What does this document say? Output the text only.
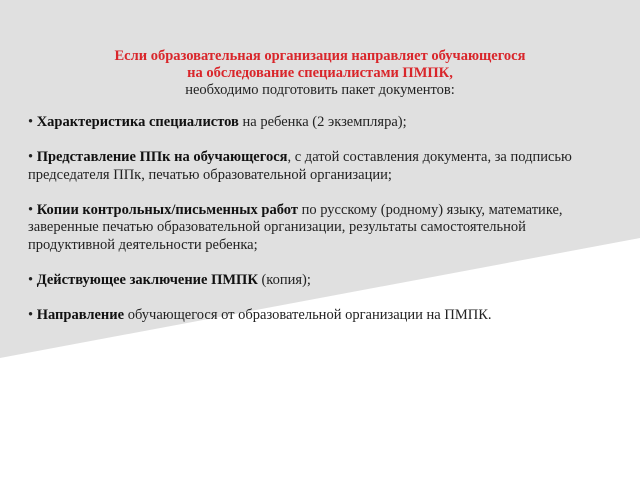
Если образовательная организация направляет обучающегося
на обследование специалистами ПМПК,
необходимо подготовить пакет документов:
• Характеристика специалистов на ребенка (2 экземпляра);
• Представление ППк на обучающегося, с датой составления документа, за подписью председателя ППк, печатью образовательной организации;
• Копии контрольных/письменных работ по русскому (родному) языку, математике, заверенные печатью образовательной организации, результаты самостоятельной продуктивной деятельности ребенка;
• Действующее заключение ПМПК (копия);
• Направление обучающегося от образовательной организации на ПМПК.
